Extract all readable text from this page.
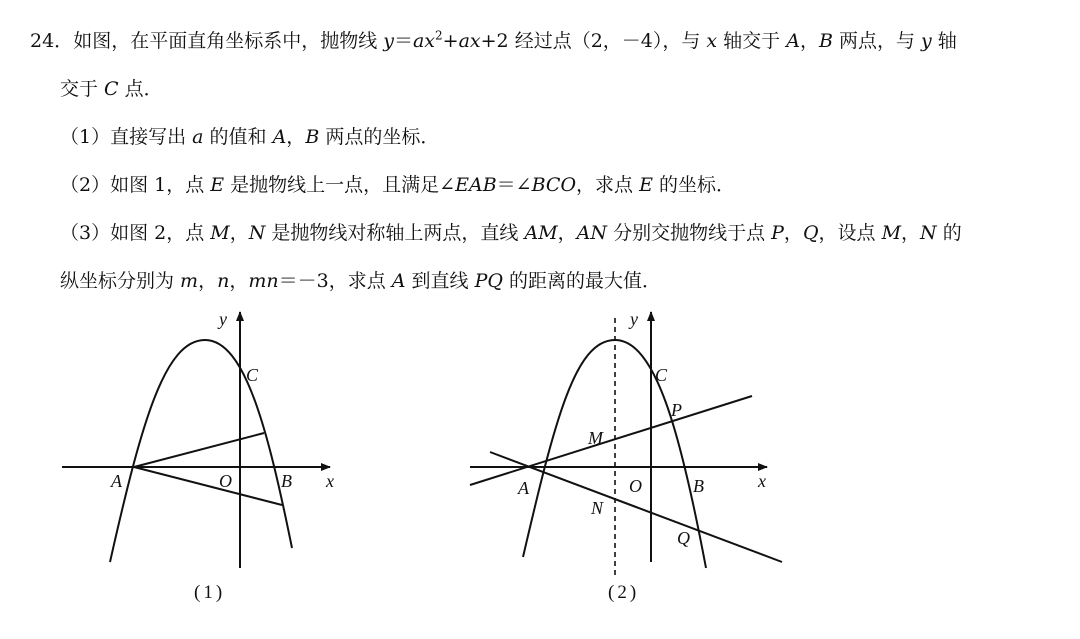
24．如图，在平面直角坐标系中，抛物线 $y=ax^2+ax+2$ 经过点（2，－4），与 x 轴交于 A，B 两点，与 y 轴
交于 C 点．
（1）直接写出 a 的值和 A，B 两点的坐标．
（2）如图 1，点 E 是抛物线上一点，且满足∠EAB＝∠BCO，求点 E 的坐标．
（3）如图 2，点 M，N 是抛物线对称轴上两点，直线 AM，AN 分别交抛物线于点 P，Q，设点 M，N 的
纵坐标分别为 m，n，mn＝－3，求点 A 到直线 PQ 的距离的最大值．
y
x
C
A	O	B
(1)
y
x
C
P
M
A	O	B
N
Q
(2)
